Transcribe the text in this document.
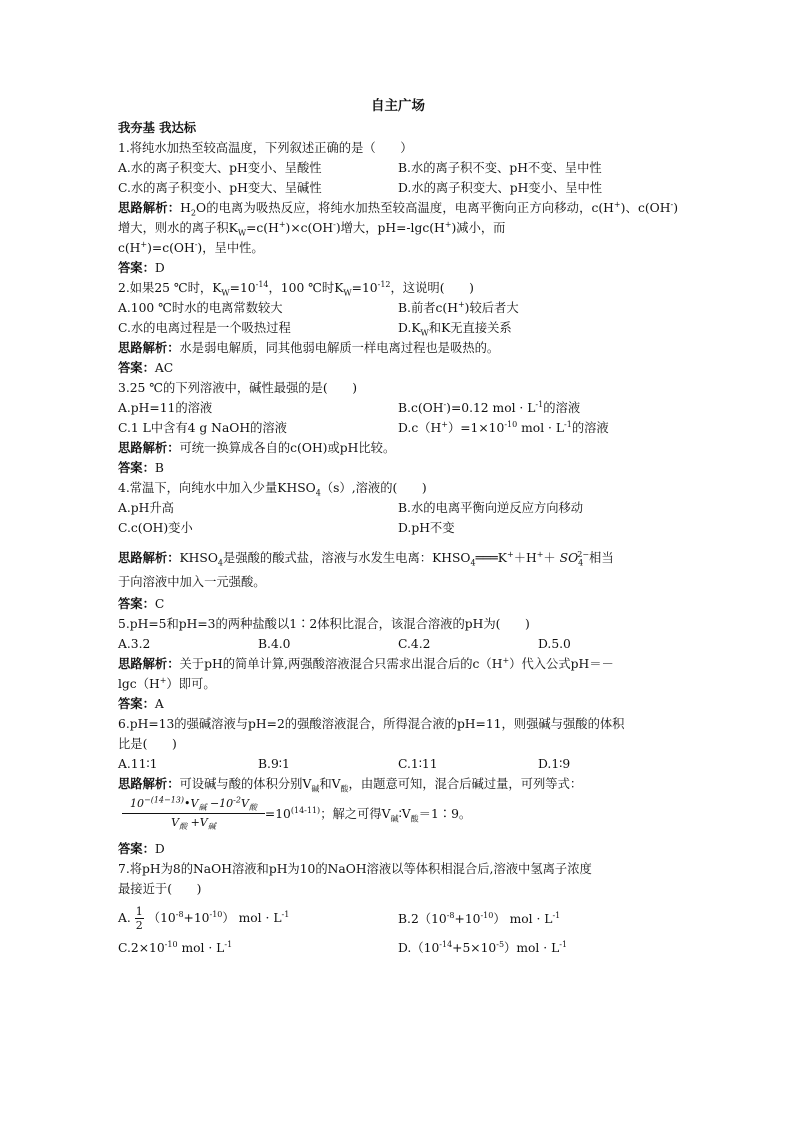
自主广场
我夯基 我达标
1.将纯水加热至较高温度，下列叙述正确的是（　　）
A.水的离子积变大、pH变小、呈酸性	B.水的离子积不变、pH不变、呈中性
C.水的离子积变小、pH变大、呈碱性	D.水的离子积变大、pH变小、呈中性
思路解析：$H_2O$的电离为吸热反应，将纯水加热至较高温度，电离平衡向正方向移动，c(H+)、c(OH-)增大，则水的离子积$K_W=c(H^+)\times c(OH^-)$增大，pH=-lgc(H+)减小，而
c(H+)=c(OH-)，呈中性。
答案：D
2.如果25 ℃时，$K_W=10^{-14}$，100 ℃时$K_W=10^{-12}$，这说明(　　)
A.100 ℃时水的电离常数较大	B.前者c(H+)较后者大
C.水的电离过程是一个吸热过程	$D.K_W$和K无直接关系
思路解析：水是弱电解质，同其他弱电解质一样电离过程也是吸热的。
答案：AC
3.25 ℃的下列溶液中，碱性最强的是(　　)
A.pH=11的溶液	B.c(OH-)=0.12 mol · $L^{-1}$的溶液
C.1 L中含有4 g NaOH的溶液	$D.c(H^+)=1\times 10^{-10}$ mol · $L^{-1}$的溶液
思路解析：可统一换算成各自的c(OH)或pH比较。
答案：B
4.常温下，向纯水中加入少量$KHSO_4(s)$,溶液的(　　)
A.pH升高	B.水的电离平衡向逆反应方向移动
C.c(OH)变小	D.pH不变
思路解析：$KHSO_4$是强酸的酸式盐，溶液与水发生电离：$KHSO_4═══K^++H^++ SO_4^{2-}$相当
于向溶液中加入一元强酸。
答案：C
5.pH=5和pH=3的两种盐酸以1∶2体积比混合，该混合溶液的pH为(　　)
A.3.2	B.4.0	C.4.2	D.5.0
思路解析：关于pH的简单计算,两强酸溶液混合只需求出混合后的c（H+）代入公式pH＝－
lgc（H+）即可。
答案：A
6.pH=13的强碱溶液与pH=2的强酸溶液混合，所得混合液的pH=11，则强碱与强酸的体积
比是(　　)
A.11∶1	B.9∶1	C.1∶11	D.1∶9
思路解析：可设碱与酸的体积分别$V_碱$和$V_酸$，由题意可知，混合后碱过量，可列等式：
$\frac{10^{-(14-13)}•V_碱 -10^{-2}V_酸}{V_酸 +V_碱} =10^{(14-11)}$；解之可得$V_碱∶V_酸=1∶9$。
答案：D
7.将pH为8的NaOH溶液和pH为10的NaOH溶液以等体积相混合后,溶液中氢离子浓度
最接近于(　　)
A. $\frac{1}{2} (10^{-8}+10^{-10})$ mol · $L^{-1}$	$B.2(10^{-8}+10^{-10})$ mol · $L^{-1}$
$C.2\times 10^{-10}$ mol · $L^{-1}$	$D.(10^{-14}+5\times 10^{-5})mol \cdot L^{-1}$
